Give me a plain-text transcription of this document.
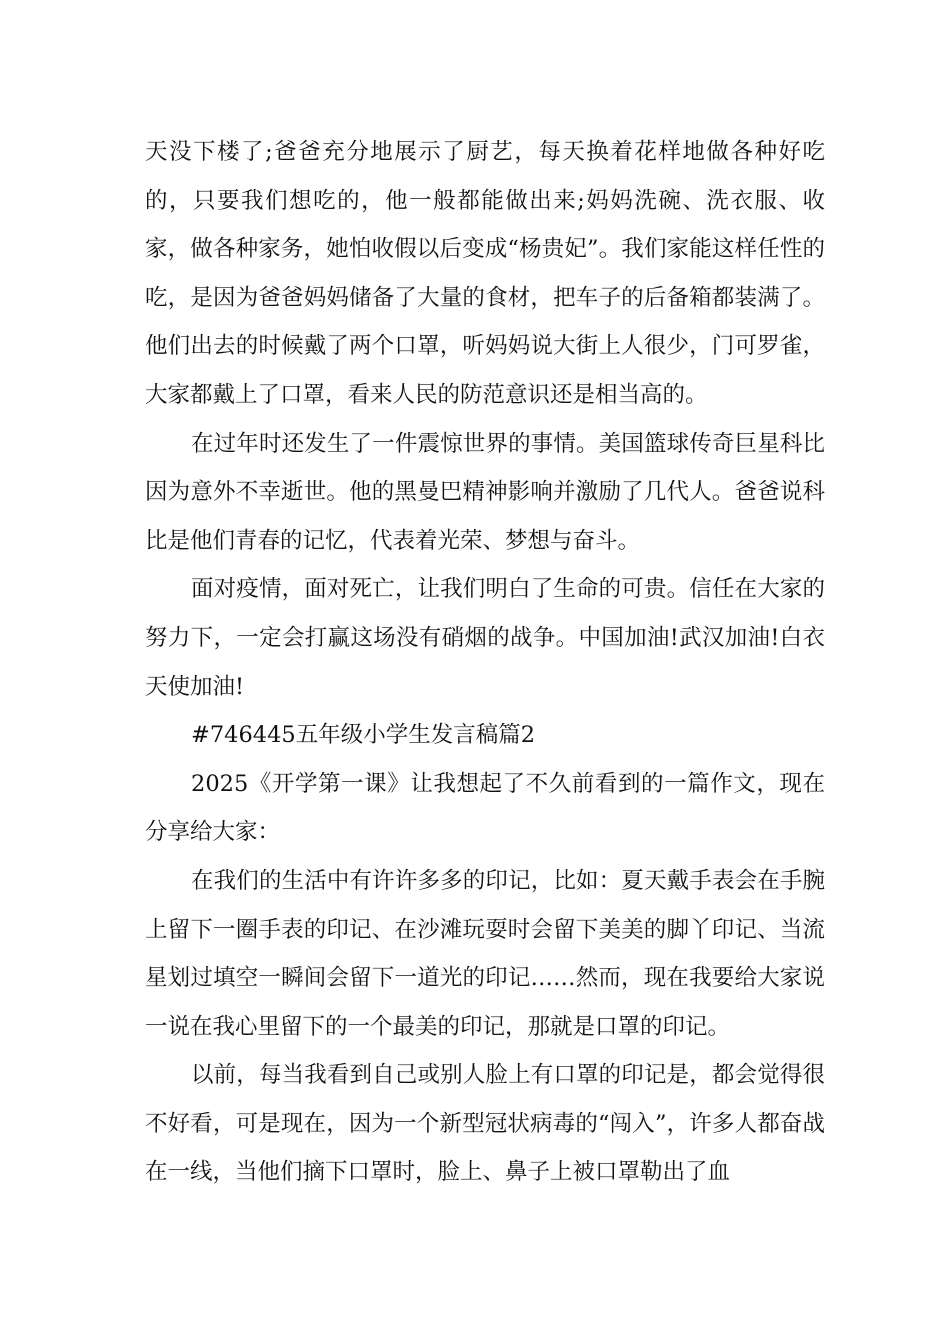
天没下楼了;爸爸充分地展示了厨艺，每天换着花样地做各种好吃的，只要我们想吃的，他一般都能做出来;妈妈洗碗、洗衣服、收家，做各种家务，她怕收假以后变成“杨贵妃”。我们家能这样任性的吃，是因为爸爸妈妈储备了大量的食材，把车子的后备箱都装满了。他们出去的时候戴了两个口罩，听妈妈说大街上人很少，门可罗雀，大家都戴上了口罩，看来人民的防范意识还是相当高的。

在过年时还发生了一件震惊世界的事情。美国篮球传奇巨星科比因为意外不幸逝世。他的黑曼巴精神影响并激励了几代人。爸爸说科比是他们青春的记忆，代表着光荣、梦想与奋斗。

面对疫情，面对死亡，让我们明白了生命的可贵。信任在大家的努力下，一定会打赢这场没有硝烟的战争。中国加油!武汉加油!白衣天使加油!

#746445五年级小学生发言稿篇2

2025《开学第一课》让我想起了不久前看到的一篇作文，现在分享给大家：

在我们的生活中有许许多多的印记，比如：夏天戴手表会在手腕上留下一圈手表的印记、在沙滩玩耍时会留下美美的脚丫印记、当流星划过填空一瞬间会留下一道光的印记……然而，现在我要给大家说一说在我心里留下的一个最美的印记，那就是口罩的印记。

以前，每当我看到自己或别人脸上有口罩的印记是，都会觉得很不好看，可是现在，因为一个新型冠状病毒的“闯入”，许多人都奋战在一线，当他们摘下口罩时，脸上、鼻子上被口罩勒出了血
